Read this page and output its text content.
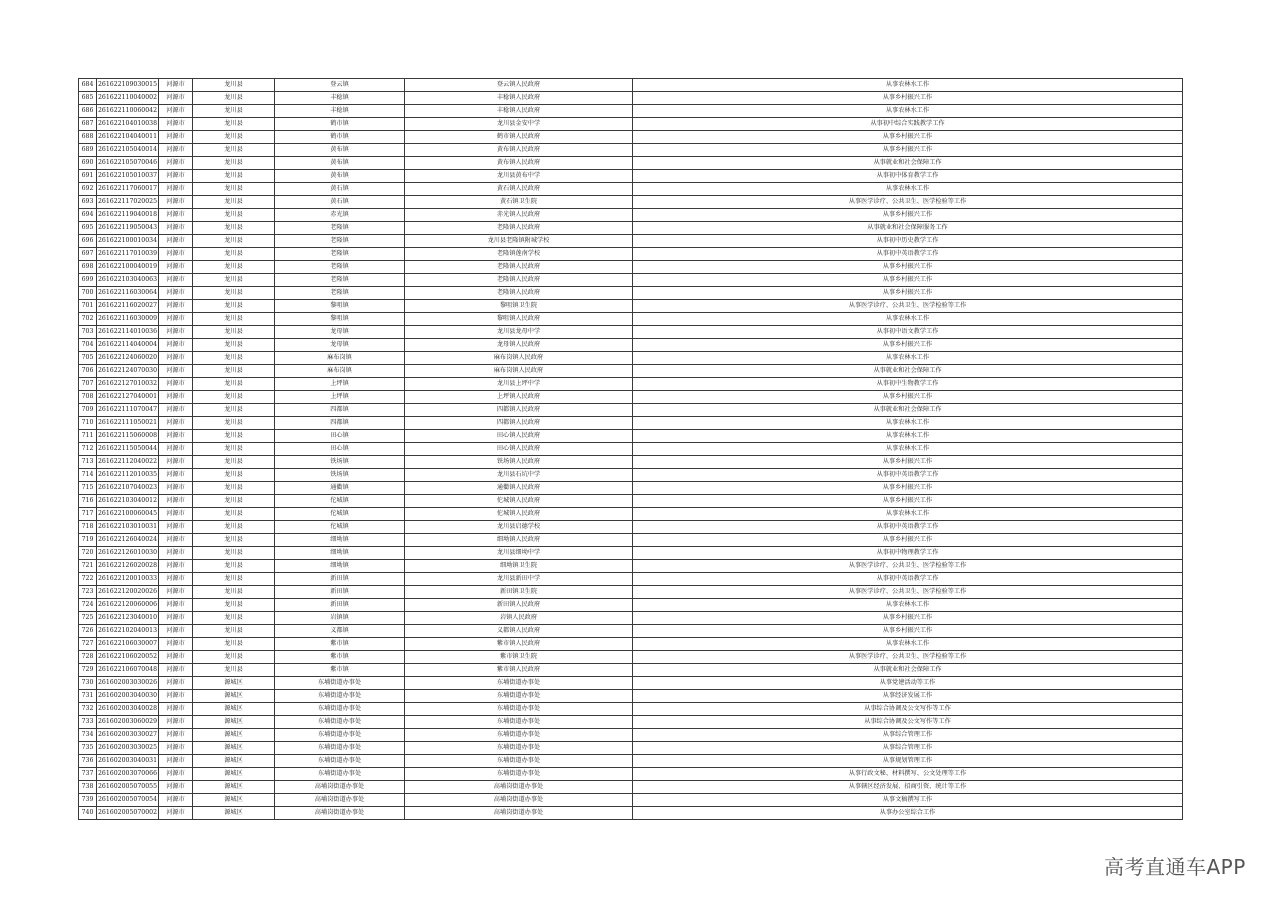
684	261622109030015	河源市	龙川县	登云镇	登云镇人民政府	从事农林水工作
685	261622110040002	河源市	龙川县	丰稔镇	丰稔镇人民政府	从事乡村振兴工作
686	261622110060042	河源市	龙川县	丰稔镇	丰稔镇人民政府	从事农林水工作
687	261622104010038	河源市	龙川县	鹤市镇	龙川县金安中学	从事初中综合实践教学工作
688	261622104040011	河源市	龙川县	鹤市镇	鹤市镇人民政府	从事乡村振兴工作
689	261622105040014	河源市	龙川县	黄布镇	黄布镇人民政府	从事乡村振兴工作
690	261622105070046	河源市	龙川县	黄布镇	黄布镇人民政府	从事就业和社会保障工作
691	261622105010037	河源市	龙川县	黄布镇	龙川县黄布中学	从事初中体育教学工作
692	261622117060017	河源市	龙川县	黄石镇	黄石镇人民政府	从事农林水工作
693	261622117020025	河源市	龙川县	黄石镇	黄石镇卫生院	从事医学诊疗、公共卫生、医学检验等工作
694	261622119040018	河源市	龙川县	赤光镇	赤光镇人民政府	从事乡村振兴工作
695	261622119050043	河源市	龙川县	老隆镇	老隆镇人民政府	从事就业和社会保障服务工作
696	261622100010034	河源市	龙川县	老隆镇	龙川县老隆镇附城学校	从事初中历史教学工作
697	261622117010039	河源市	龙川县	老隆镇	老隆镇莲南学校	从事初中英语教学工作
698	261622100040019	河源市	龙川县	老隆镇	老隆镇人民政府	从事乡村振兴工作
699	261622103040063	河源市	龙川县	老隆镇	老隆镇人民政府	从事乡村振兴工作
700	261622116030064	河源市	龙川县	老隆镇	老隆镇人民政府	从事乡村振兴工作
701	261622116020027	河源市	龙川县	黎咀镇	黎咀镇卫生院	从事医学诊疗、公共卫生、医学检验等工作
702	261622116030009	河源市	龙川县	黎咀镇	黎咀镇人民政府	从事农林水工作
703	261622114010036	河源市	龙川县	龙母镇	龙川县龙母中学	从事初中语文教学工作
704	261622114040004	河源市	龙川县	龙母镇	龙母镇人民政府	从事乡村振兴工作
705	261622124060020	河源市	龙川县	麻布岗镇	麻布岗镇人民政府	从事农林水工作
706	261622124070030	河源市	龙川县	麻布岗镇	麻布岗镇人民政府	从事就业和社会保障工作
707	261622127010032	河源市	龙川县	上坪镇	龙川县上坪中学	从事初中生物教学工作
708	261622127040001	河源市	龙川县	上坪镇	上坪镇人民政府	从事乡村振兴工作
709	261622111070047	河源市	龙川县	四都镇	四都镇人民政府	从事就业和社会保障工作
710	261622111050021	河源市	龙川县	四都镇	四都镇人民政府	从事农林水工作
711	261622115060008	河源市	龙川县	田心镇	田心镇人民政府	从事农林水工作
712	261622115050044	河源市	龙川县	田心镇	田心镇人民政府	从事农林水工作
713	261622112040022	河源市	龙川县	铁场镇	铁场镇人民政府	从事乡村振兴工作
714	261622112010035	河源市	龙川县	铁场镇	龙川县石坑中学	从事初中英语教学工作
715	261622107040023	河源市	龙川县	通衢镇	通衢镇人民政府	从事乡村振兴工作
716	261622103040012	河源市	龙川县	佗城镇	佗城镇人民政府	从事乡村振兴工作
717	261622100060045	河源市	龙川县	佗城镇	佗城镇人民政府	从事农林水工作
718	261622103010031	河源市	龙川县	佗城镇	龙川县启德学校	从事初中英语教学工作
719	261622126040024	河源市	龙川县	细坳镇	细坳镇人民政府	从事乡村振兴工作
720	261622126010030	河源市	龙川县	细坳镇	龙川县细坳中学	从事初中物理教学工作
721	261622126020028	河源市	龙川县	细坳镇	细坳镇卫生院	从事医学诊疗、公共卫生、医学检验等工作
722	261622120010033	河源市	龙川县	新田镇	龙川县新田中学	从事初中英语教学工作
723	261622120020026	河源市	龙川县	新田镇	新田镇卫生院	从事医学诊疗、公共卫生、医学检验等工作
724	261622120060006	河源市	龙川县	新田镇	新田镇人民政府	从事农林水工作
725	261622123040010	河源市	龙川县	岩镇镇	岩镇人民政府	从事乡村振兴工作
726	261622102040013	河源市	龙川县	义都镇	义都镇人民政府	从事乡村振兴工作
727	261622106030007	河源市	龙川县	紫市镇	紫市镇人民政府	从事农林水工作
728	261622106020052	河源市	龙川县	紫市镇	紫市镇卫生院	从事医学诊疗、公共卫生、医学检验等工作
729	261622106070048	河源市	龙川县	紫市镇	紫市镇人民政府	从事就业和社会保障工作
730	261602003030026	河源市	源城区	东埔街道办事处	东埔街道办事处	从事党建活动等工作
731	261602003040030	河源市	源城区	东埔街道办事处	东埔街道办事处	从事经济发展工作
732	261602003040028	河源市	源城区	东埔街道办事处	东埔街道办事处	从事综合协调及公文写作等工作
733	261602003060029	河源市	源城区	东埔街道办事处	东埔街道办事处	从事综合协调及公文写作等工作
734	261602003030027	河源市	源城区	东埔街道办事处	东埔街道办事处	从事综合管理工作
735	261602003030025	河源市	源城区	东埔街道办事处	东埔街道办事处	从事综合管理工作
736	261602003040031	河源市	源城区	东埔街道办事处	东埔街道办事处	从事规划管理工作
737	261602003070066	河源市	源城区	东埔街道办事处	东埔街道办事处	从事行政文秘、材料撰写、公文处理等工作
738	261602005070055	河源市	源城区	高埔岗街道办事处	高埔岗街道办事处	从事辖区经济发展、招商引资、统计等工作
739	261602005070054	河源市	源城区	高埔岗街道办事处	高埔岗街道办事处	从事文稿撰写工作
740	261602005070002	河源市	源城区	高埔岗街道办事处	高埔岗街道办事处	从事办公室综合工作
高考直通车APP
